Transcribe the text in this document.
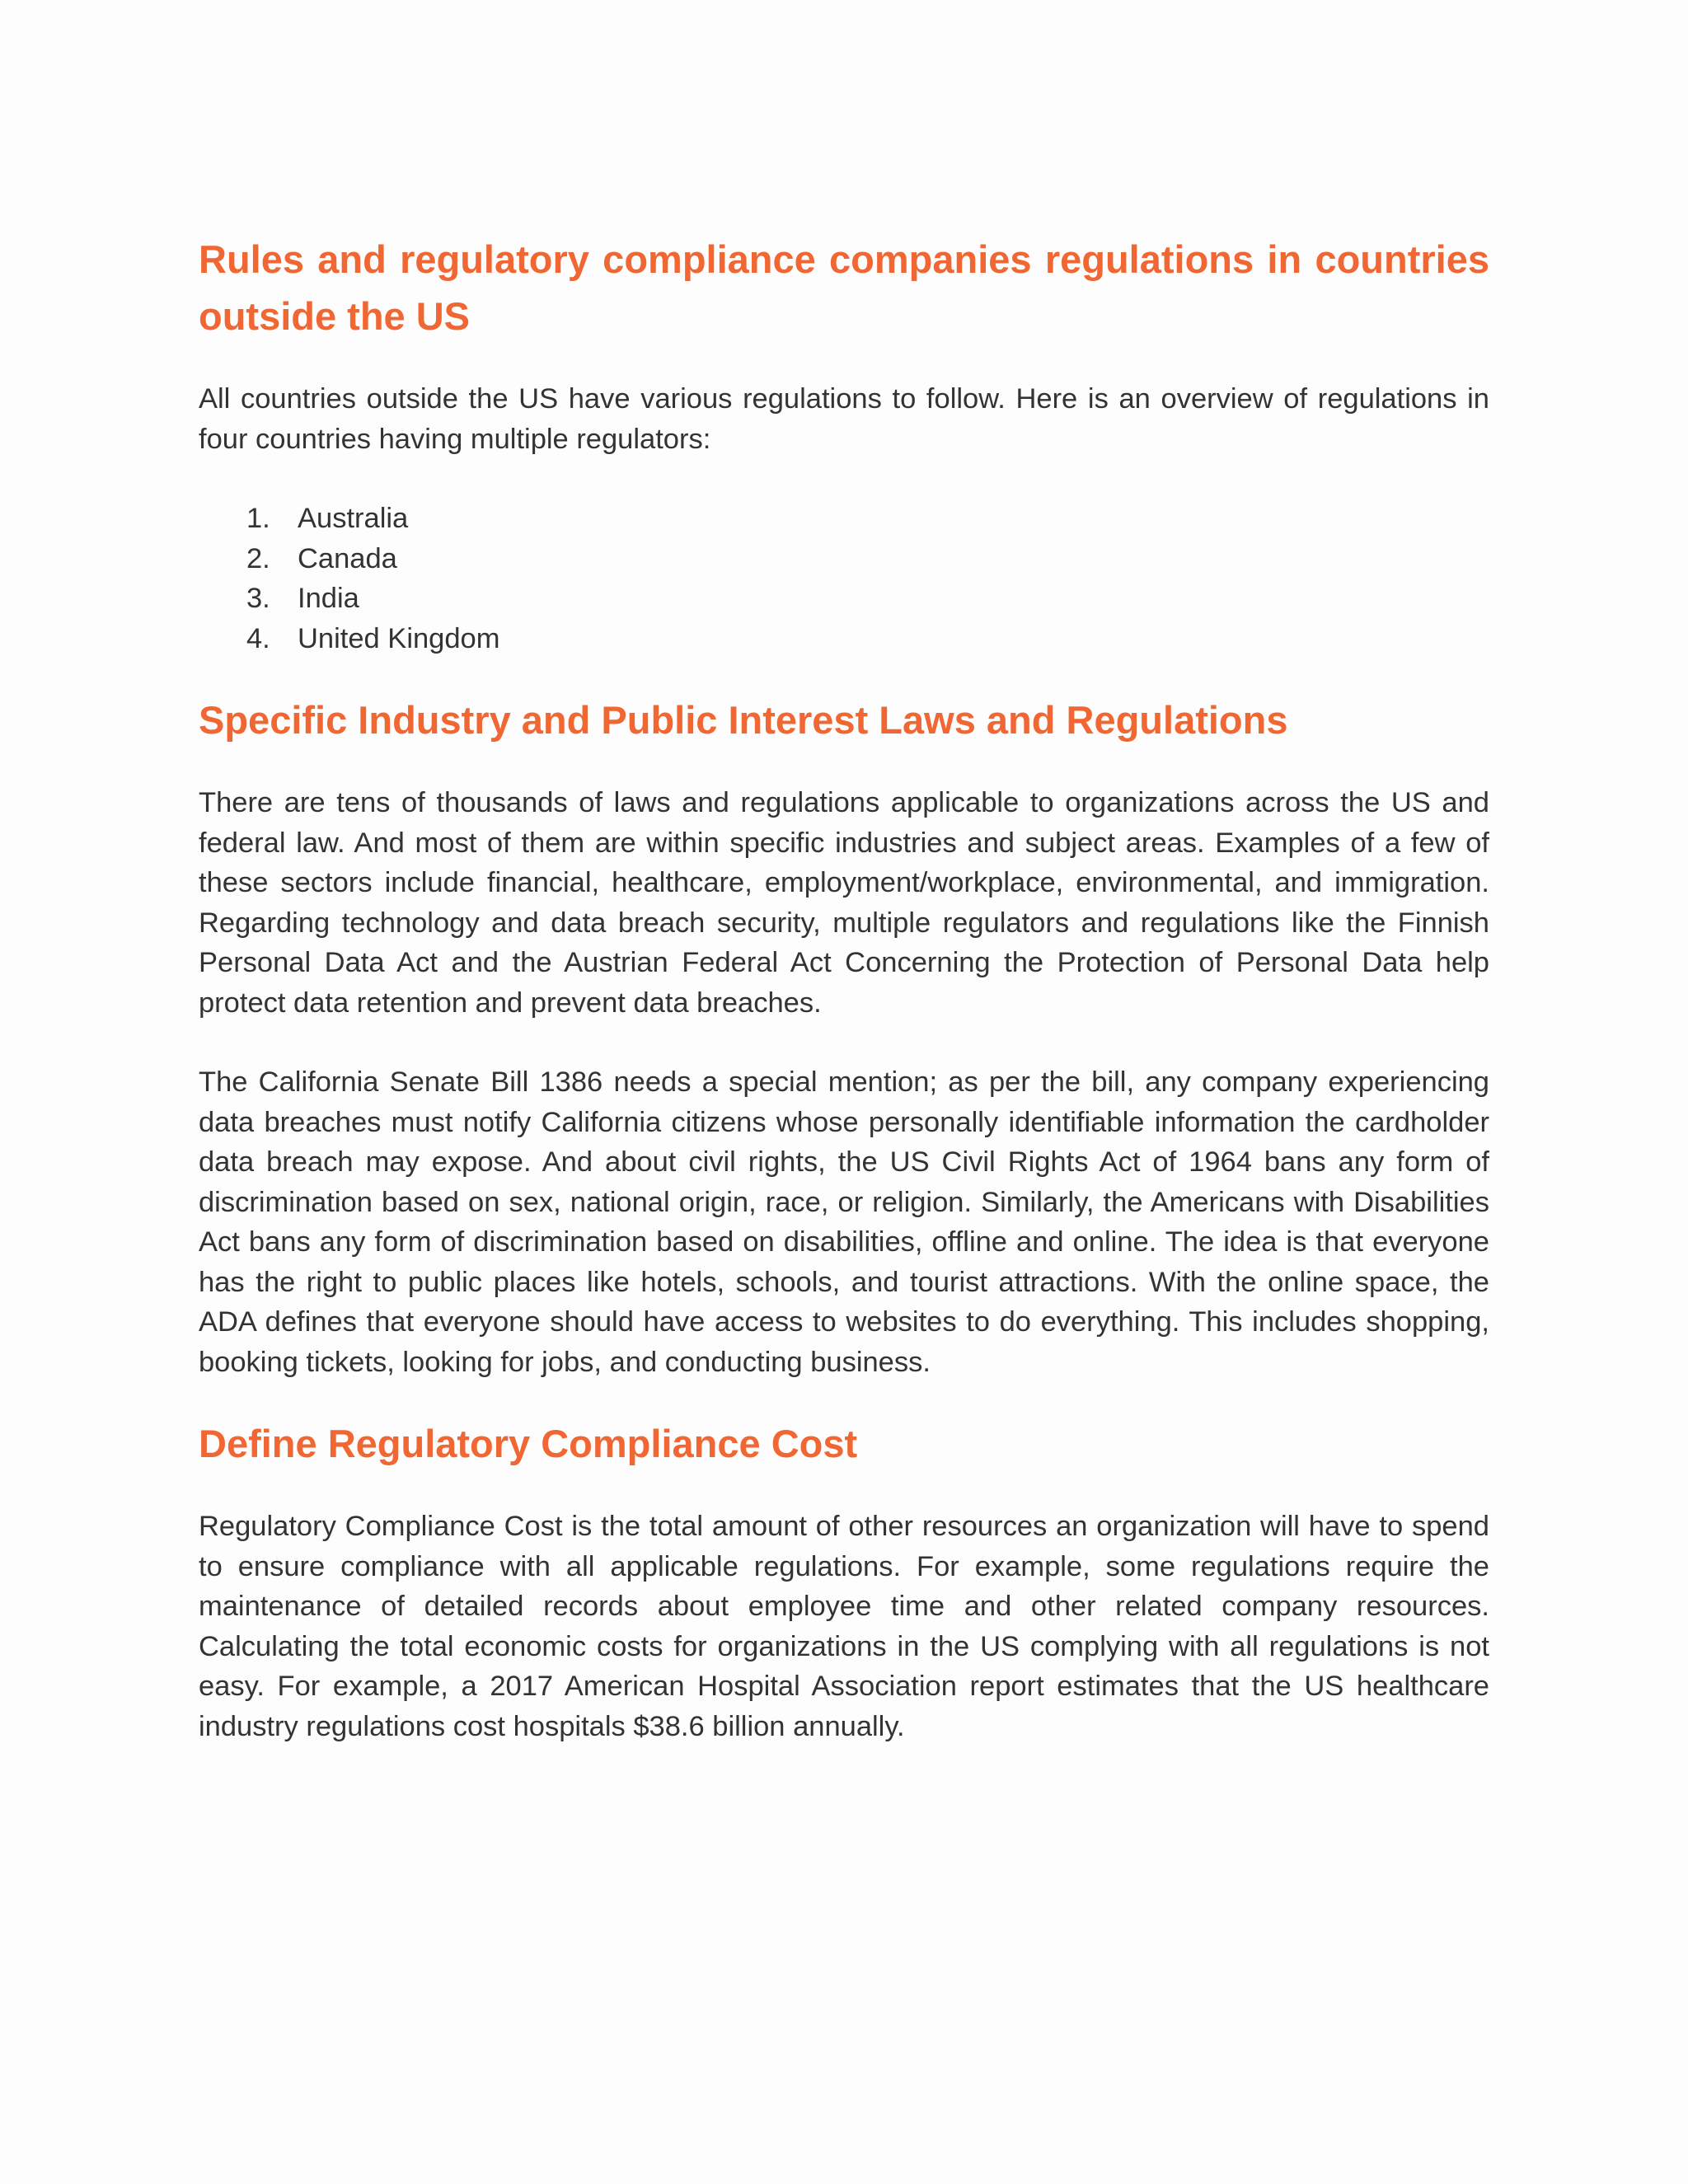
Rules and regulatory compliance companies regulations in countries outside the US

All countries outside the US have various regulations to follow. Here is an overview of regulations in four countries having multiple regulators:

1. Australia
2. Canada
3. India
4. United Kingdom
Specific Industry and Public Interest Laws and Regulations

There are tens of thousands of laws and regulations applicable to organizations across the US and federal law. And most of them are within specific industries and subject areas. Examples of a few of these sectors include financial, healthcare, employment/workplace, environmental, and immigration. Regarding technology and data breach security, multiple regulators and regulations like the Finnish Personal Data Act and the Austrian Federal Act Concerning the Protection of Personal Data help protect data retention and prevent data breaches.

The California Senate Bill 1386 needs a special mention; as per the bill, any company experiencing data breaches must notify California citizens whose personally identifiable information the cardholder data breach may expose. And about civil rights, the US Civil Rights Act of 1964 bans any form of discrimination based on sex, national origin, race, or religion. Similarly, the Americans with Disabilities Act bans any form of discrimination based on disabilities, offline and online. The idea is that everyone has the right to public places like hotels, schools, and tourist attractions. With the online space, the ADA defines that everyone should have access to websites to do everything. This includes shopping, booking tickets, looking for jobs, and conducting business.

Define Regulatory Compliance Cost

Regulatory Compliance Cost is the total amount of other resources an organization will have to spend to ensure compliance with all applicable regulations. For example, some regulations require the maintenance of detailed records about employee time and other related company resources. Calculating the total economic costs for organizations in the US complying with all regulations is not easy. For example, a 2017 American Hospital Association report estimates that the US healthcare industry regulations cost hospitals $38.6 billion annually.
